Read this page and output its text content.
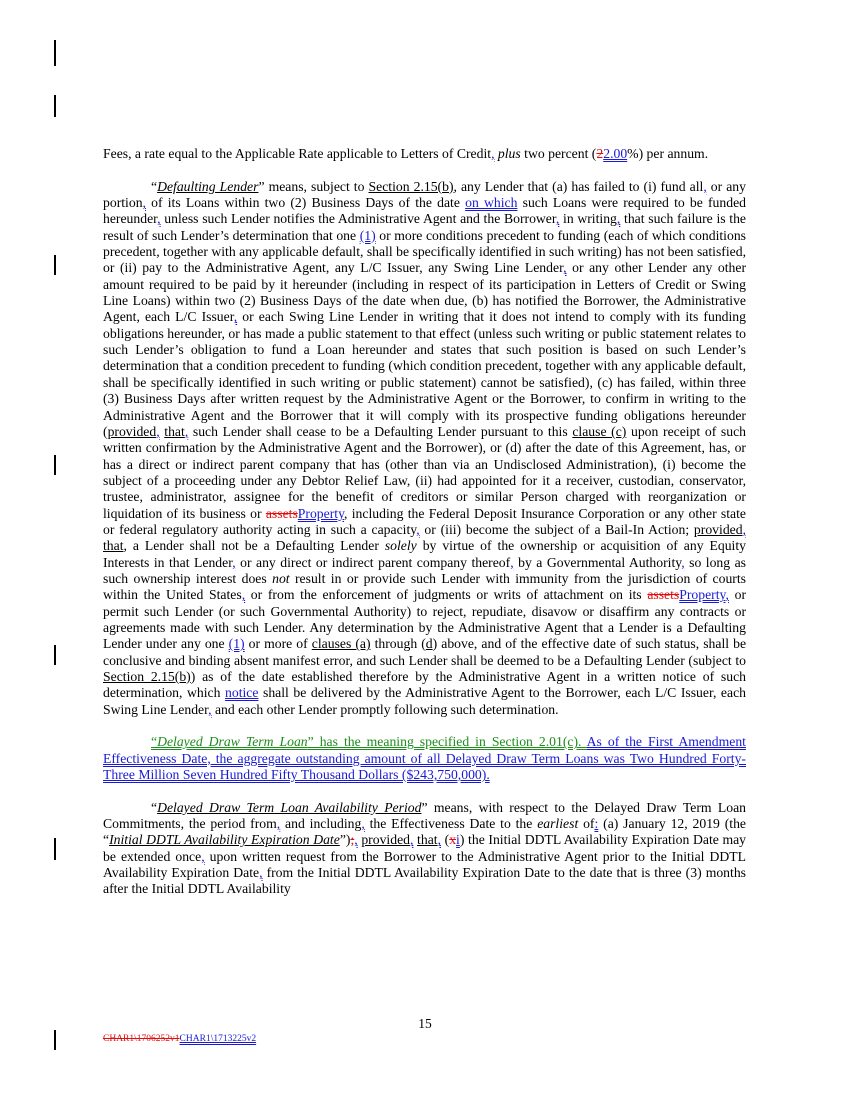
Fees, a rate equal to the Applicable Rate applicable to Letters of Credit, plus two percent (22.00%) per annum.

“Defaulting Lender” means, subject to Section 2.15(b), any Lender that (a) has failed to (i) fund all, or any portion, of its Loans within two (2) Business Days of the date on which such Loans were required to be funded hereunder, unless such Lender notifies the Administrative Agent and the Borrower, in writing, that such failure is the result of such Lender’s determination that one (1) or more conditions precedent to funding (each of which conditions precedent, together with any applicable default, shall be specifically identified in such writing) has not been satisfied, or (ii) pay to the Administrative Agent, any L/C Issuer, any Swing Line Lender, or any other Lender any other amount required to be paid by it hereunder (including in respect of its participation in Letters of Credit or Swing Line Loans) within two (2) Business Days of the date when due, (b) has notified the Borrower, the Administrative Agent, each L/C Issuer, or each Swing Line Lender in writing that it does not intend to comply with its funding obligations hereunder, or has made a public statement to that effect (unless such writing or public statement relates to such Lender’s obligation to fund a Loan hereunder and states that such position is based on such Lender’s determination that a condition precedent to funding (which condition precedent, together with any applicable default, shall be specifically identified in such writing or public statement) cannot be satisfied), (c) has failed, within three (3) Business Days after written request by the Administrative Agent or the Borrower, to confirm in writing to the Administrative Agent and the Borrower that it will comply with its prospective funding obligations hereunder (provided, that, such Lender shall cease to be a Defaulting Lender pursuant to this clause (c) upon receipt of such written confirmation by the Administrative Agent and the Borrower), or (d) after the date of this Agreement, has, or has a direct or indirect parent company that has (other than via an Undisclosed Administration), (i) become the subject of a proceeding under any Debtor Relief Law, (ii) had appointed for it a receiver, custodian, conservator, trustee, administrator, assignee for the benefit of creditors or similar Person charged with reorganization or liquidation of its business or assetsProperty, including the Federal Deposit Insurance Corporation or any other state or federal regulatory authority acting in such a capacity, or (iii) become the subject of a Bail-In Action; provided, that, a Lender shall not be a Defaulting Lender solely by virtue of the ownership or acquisition of any Equity Interests in that Lender, or any direct or indirect parent company thereof, by a Governmental Authority, so long as such ownership interest does not result in or provide such Lender with immunity from the jurisdiction of courts within the United States, or from the enforcement of judgments or writs of attachment on its assetsProperty, or permit such Lender (or such Governmental Authority) to reject, repudiate, disavow or disaffirm any contracts or agreements made with such Lender. Any determination by the Administrative Agent that a Lender is a Defaulting Lender under any one (1) or more of clauses (a) through (d) above, and of the effective date of such status, shall be conclusive and binding absent manifest error, and such Lender shall be deemed to be a Defaulting Lender (subject to Section 2.15(b)) as of the date established therefore by the Administrative Agent in a written notice of such determination, which notice shall be delivered by the Administrative Agent to the Borrower, each L/C Issuer, each Swing Line Lender, and each other Lender promptly following such determination.

“Delayed Draw Term Loan” has the meaning specified in Section 2.01(c). As of the First Amendment Effectiveness Date, the aggregate outstanding amount of all Delayed Draw Term Loans was Two Hundred Forty-Three Million Seven Hundred Fifty Thousand Dollars ($243,750,000).

“Delayed Draw Term Loan Availability Period” means, with respect to the Delayed Draw Term Loan Commitments, the period from, and including, the Effectiveness Date to the earliest of: (a) January 12, 2019 (the “Initial DDTL Availability Expiration Date”);, provided, that, (xi) the Initial DDTL Availability Expiration Date may be extended once, upon written request from the Borrower to the Administrative Agent prior to the Initial DDTL Availability Expiration Date, from the Initial DDTL Availability Expiration Date to the date that is three (3) months after the Initial DDTL Availability

15
CHAR1\1706252v1CHAR1\1713225v2
